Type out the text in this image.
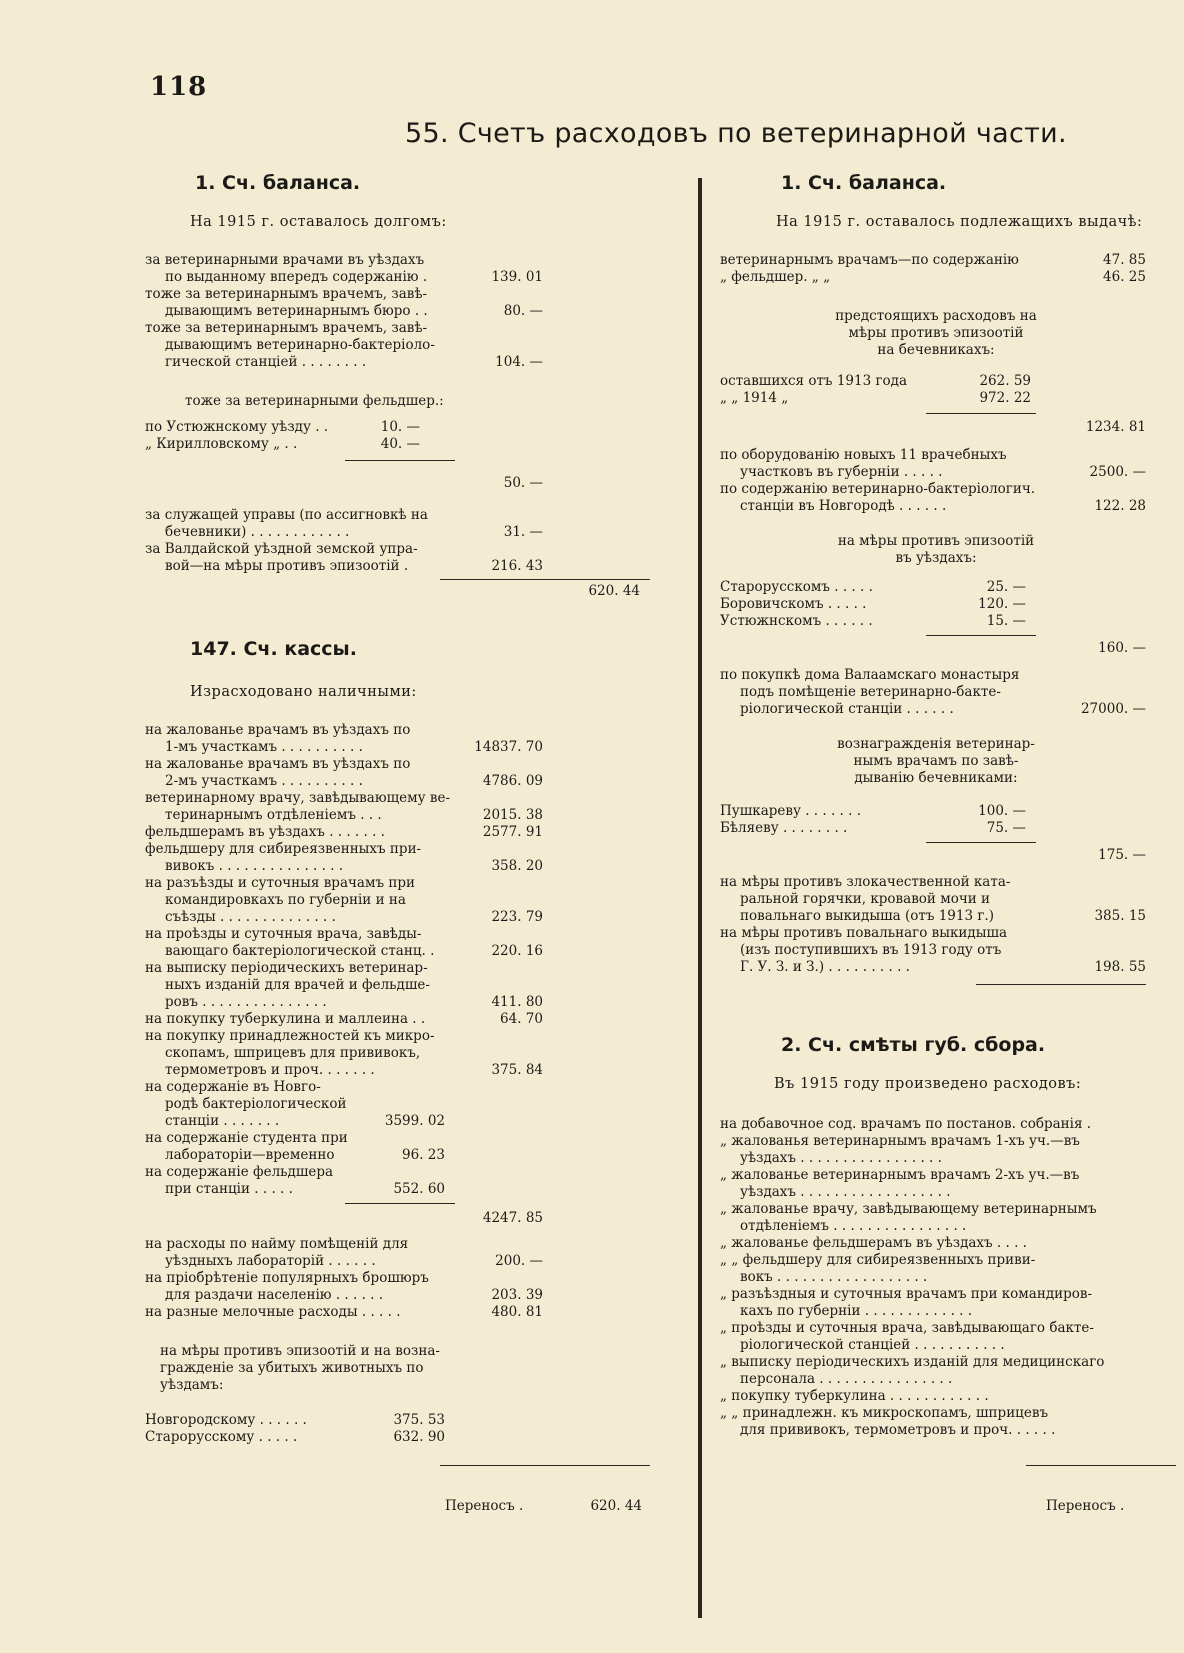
118
55. Счетъ расходовъ по ветеринарной части.
1. Сч. баланса.
На 1915 г. оставалось долгомъ:
за ветеринарными врачами въ уѣздахъ
по выданному впередъ содержанію .	139. 01
тоже за ветеринарнымъ врачемъ, завѣ-
дывающимъ ветеринарнымъ бюро . .	80. —
тоже за ветеринарнымъ врачемъ, завѣ-
дывающимъ ветеринарно-бактеріоло-
гической станціей . . . . . . . .	104. —
тоже за ветеринарными фельдшер.:
по Устюжнскому уѣзду . .	10. —
„ Кирилловскому „ . .	40. —
50. —
за служащей управы (по ассигновкѣ на
бечевники) . . . . . . . . . . . .	31. —
за Валдайской уѣздной земской упра-
вой—на мѣры противъ эпизоотій .	216. 43
620. 44
147. Сч. кассы.
Израсходовано наличными:
на жалованье врачамъ въ уѣздахъ по
1-мъ участкамъ . . . . . . . . . .	14837. 70
на жалованье врачамъ въ уѣздахъ по
2-мъ участкамъ . . . . . . . . . .	4786. 09
ветеринарному врачу, завѣдывающему ве-
теринарнымъ отдѣленіемъ . . .	2015. 38
фельдшерамъ въ уѣздахъ . . . . . . .	2577. 91
фельдшеру для сибиреязвенныхъ при-
вивокъ . . . . . . . . . . . . . . .	358. 20
на разъѣзды и суточныя врачамъ при
командировкахъ по губерніи и на
съѣзды . . . . . . . . . . . . . .	223. 79
на проѣзды и суточныя врача, завѣды-
вающаго бактеріологической станц. .	220. 16
на выписку періодическихъ ветеринар-
ныхъ изданій для врачей и фельдше-
ровъ . . . . . . . . . . . . . . .	411. 80
на покупку туберкулина и маллеина . .	64. 70
на покупку принадлежностей къ микро-
скопамъ, шприцевъ для прививокъ,
термометровъ и проч. . . . . . .	375. 84
на содержаніе въ Новго-
родѣ бактеріологической
станціи . . . . . . .	3599. 02
на содержаніе студента при
лабораторіи—временно	96. 23
на содержаніе фельдшера
при станціи . . . . .	552. 60
4247. 85
на расходы по найму помѣщеній для
уѣздныхъ лабораторій . . . . . .	200. —
на пріобрѣтеніе популярныхъ брошюръ
для раздачи населенію . . . . . .	203. 39
на разные мелочные расходы . . . . .	480. 81
на мѣры противъ эпизоотій и на возна-
гражденіе за убитыхъ животныхъ по
уѣздамъ:
Новгородскому . . . . . .	375. 53
Старорусскому . . . . .	632. 90
Переносъ .	620. 44
1. Сч. баланса.
На 1915 г. оставалось подлежащихъ выдачѣ:
ветеринарнымъ врачамъ—по содержанію	47. 85
„ фельдшер. „ „	46. 25
предстоящихъ расходовъ на
мѣры противъ эпизоотій
на бечевникахъ:
оставшихся отъ 1913 года	262. 59
„ „ 1914 „	972. 22
1234. 81
по оборудованію новыхъ 11 врачебныхъ
участковъ въ губерніи . . . . .	2500. —
по содержанію ветеринарно-бактеріологич.
станціи въ Новгородѣ . . . . . .	122. 28
на мѣры противъ эпизоотій
въ уѣздахъ:
Старорусскомъ . . . . .	25. —
Боровичскомъ . . . . .	120. —
Устюжнскомъ . . . . . .	15. —
160. —
по покупкѣ дома Валаамскаго монастыря
подъ помѣщеніе ветеринарно-бакте-
ріологической станціи . . . . . .	27000. —
вознагражденія ветеринар-
нымъ врачамъ по завѣ-
дыванію бечевниками:
Пушкареву . . . . . . .	100. —
Бѣляеву . . . . . . . .	75. —
175. —
на мѣры противъ злокачественной ката-
ральной горячки, кровавой мочи и
повальнаго выкидыша (отъ 1913 г.)	385. 15
на мѣры противъ повальнаго выкидыша
(изъ поступившихъ въ 1913 году отъ
Г. У. З. и З.) . . . . . . . . . .	198. 55
2. Сч. смѣты губ. сбора.
Въ 1915 году произведено расходовъ:
на добавочное сод. врачамъ по постанов. собранія .
„ жалованья ветеринарнымъ врачамъ 1-хъ уч.—въ
уѣздахъ . . . . . . . . . . . . . . . . .
„ жалованье ветеринарнымъ врачамъ 2-хъ уч.—въ
уѣздахъ . . . . . . . . . . . . . . . . . .
„ жалованье врачу, завѣдывающему ветеринарнымъ
отдѣленіемъ . . . . . . . . . . . . . . . .
„ жалованье фельдшерамъ въ уѣздахъ . . . .
„ „ фельдшеру для сибиреязвенныхъ приви-
вокъ . . . . . . . . . . . . . . . . . .
„ разъѣздныя и суточныя врачамъ при командиров-
кахъ по губерніи . . . . . . . . . . . . .
„ проѣзды и суточныя врача, завѣдывающаго бакте-
ріологической станціей . . . . . . . . . . .
„ выписку періодическихъ изданій для медицинскаго
персонала . . . . . . . . . . . . . . . .
„ покупку туберкулина . . . . . . . . . . . .
„ „ принадлежн. къ микроскопамъ, шприцевъ
для прививокъ, термометровъ и проч. . . . . .
Переносъ .
